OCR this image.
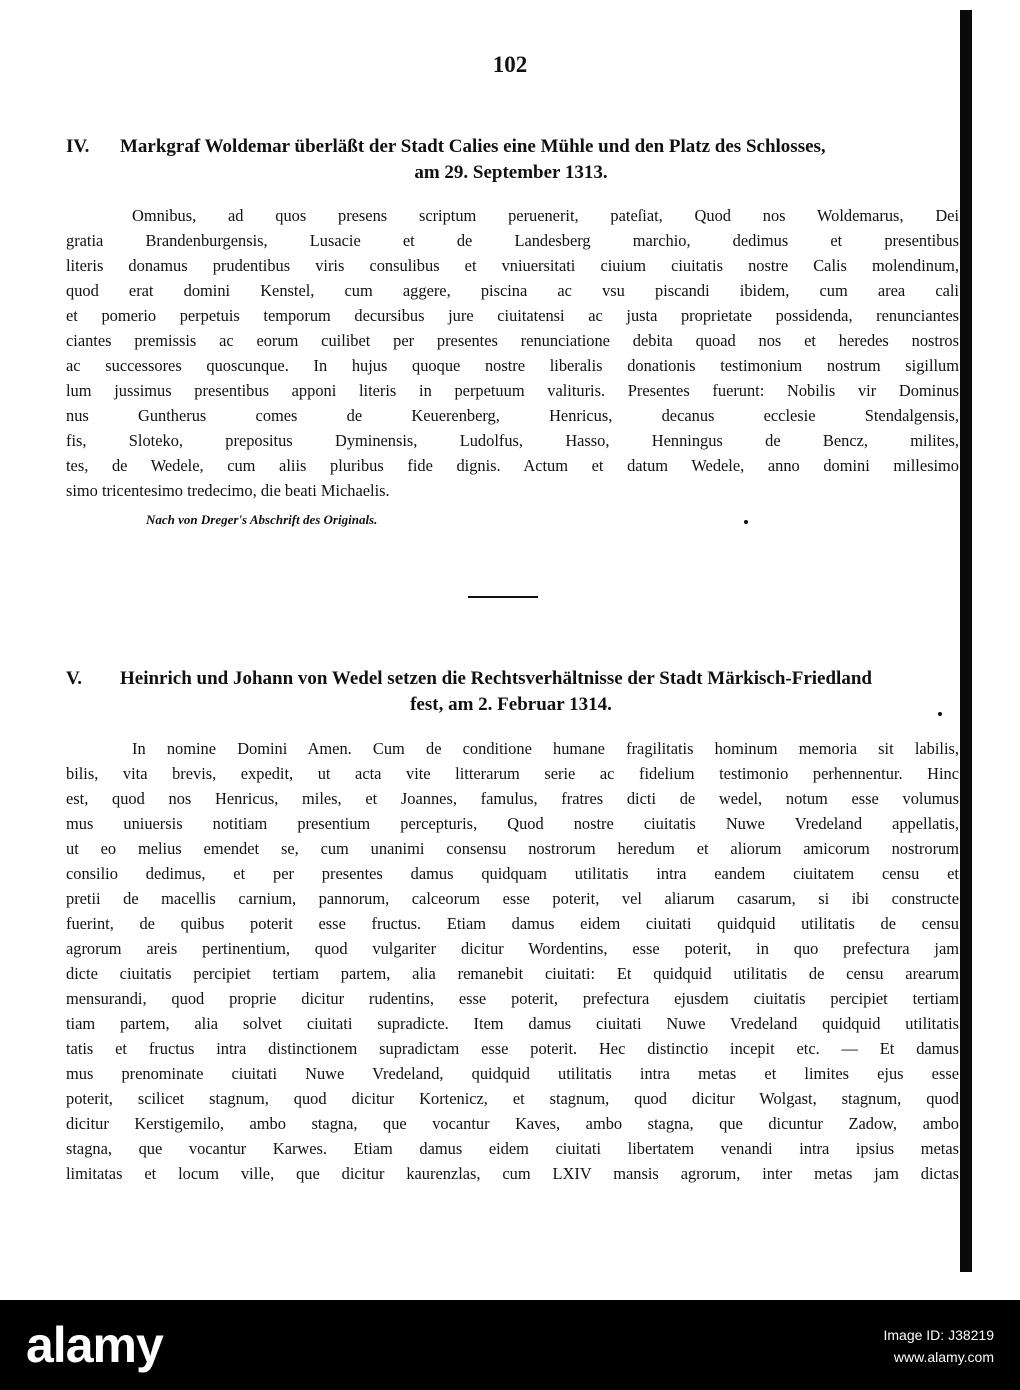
102
IV. Markgraf Woldemar überläßt der Stadt Calies eine Mühle und den Platz des Schlosses,
am 29. September 1313.
Omnibus, ad quos presens scriptum peruenerit, pateſiat, Quod nos Woldemarus, Dei
gratia Brandenburgensis, Lusacie et de Landesberg marchio, dedimus et presentibus
literis donamus prudentibus viris consulibus et vniuersitati ciuium ciuitatis nostre Calis molendinum,
quod erat domini Kenstel, cum aggere, piscina ac vsu piscandi ibidem, cum area cali
et pomerio perpetuis temporum decursibus jure ciuitatensi ac justa proprietate possidenda, renunciantes
ciantes premissis ac eorum cuilibet per presentes renunciatione debita quoad nos et heredes nostros
ac successores quoscunque. In hujus quoque nostre liberalis donationis testimonium nostrum sigillum
lum jussimus presentibus apponi literis in perpetuum valituris. Presentes fuerunt: Nobilis vir Dominus
nus Guntherus comes de Keuerenberg, Henricus, decanus ecclesie Stendalgensis,
fis, Sloteko, prepositus Dyminensis, Ludolfus, Hasso, Henningus de Bencz, milites,
tes, de Wedele, cum aliis pluribus fide dignis. Actum et datum Wedele, anno domini millesimo
simo tricentesimo tredecimo, die beati Michaelis.
Nach von Dreger's Abschrift des Originals.
V. Heinrich und Johann von Wedel setzen die Rechtsverhältnisse der Stadt Märkisch-Friedland
fest, am 2. Februar 1314.
In nomine Domini Amen. Cum de conditione humane fragilitatis hominum memoria sit labilis,
bilis, vita brevis, expedit, ut acta vite litterarum serie ac fidelium testimonio perhennentur. Hinc
est, quod nos Henricus, miles, et Joannes, famulus, fratres dicti de wedel, notum esse volumus
mus uniuersis notitiam presentium percepturis, Quod nostre ciuitatis Nuwe Vredeland appellatis,
ut eo melius emendet se, cum unanimi consensu nostrorum heredum et aliorum amicorum nostrorum
consilio dedimus, et per presentes damus quidquam utilitatis intra eandem ciuitatem censu et
pretii de macellis carnium, pannorum, calceorum esse poterit, vel aliarum casarum, si ibi constructe
fuerint, de quibus poterit esse fructus. Etiam damus eidem ciuitati quidquid utilitatis de censu
agrorum areis pertinentium, quod vulgariter dicitur Wordentins, esse poterit, in quo prefectura jam
dicte ciuitatis percipiet tertiam partem, alia remanebit ciuitati: Et quidquid utilitatis de censu arearum
mensurandi, quod proprie dicitur rudentins, esse poterit, prefectura ejusdem ciuitatis percipiet tertiam
tiam partem, alia solvet ciuitati supradicte. Item damus ciuitati Nuwe Vredeland quidquid utilitatis
tatis et fructus intra distinctionem supradictam esse poterit. Hec distinctio incepit etc. — Et damus
mus prenominate ciuitati Nuwe Vredeland, quidquid utilitatis intra metas et limites ejus esse
poterit, scilicet stagnum, quod dicitur Kortenicz, et stagnum, quod dicitur Wolgast, stagnum, quod
dicitur Kerstigemilo, ambo stagna, que vocantur Kaves, ambo stagna, que dicuntur Zadow, ambo
stagna, que vocantur Karwes. Etiam damus eidem ciuitati libertatem venandi intra ipsius metas
limitatas et locum ville, que dicitur kaurenzlas, cum LXIV mansis agrorum, inter metas jam dictas
alamy	Image ID: J38219
www.alamy.com
